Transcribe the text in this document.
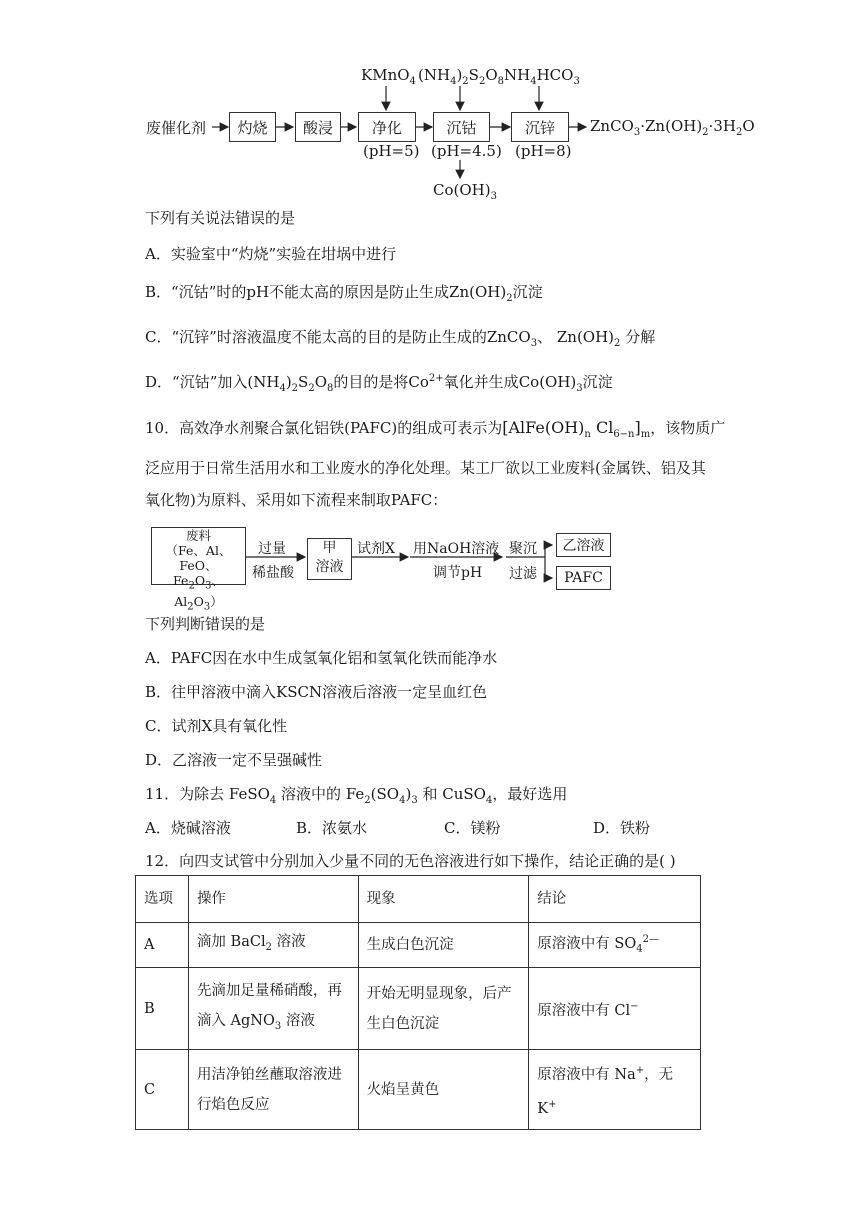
废催化剂 灼烧 酸浸	净化	沉钴	沉锌
KMnO$_4$ $(NH_4)_2S_2O_8$ $NH_4HCO_3$
(pH=5) (pH=4.5) (pH=8)
$Co(OH)_3$
$ZnCO_3\cdot Zn(OH)_2\cdot 3H_2O$
下列有关说法错误的是
A．实验室中“灼烧”实验在坩埚中进行
B．“沉钴”时的pH不能太高的原因是防止生成$Zn(OH)_2$沉淀
C．“沉锌”时溶液温度不能太高的目的是防止生成的ZnCO$_3$、 $Zn(OH)_2$ 分解
D．“沉钴”加入$(NH_4)_2S_2O_8$的目的是将$Co^{2+}$氧化并生成$Co(OH)_3$沉淀
10．高效净水剂聚合氯化铝铁(PAFC)的组成可表示为[$AlFe(OH)_n$ $Cl_{6-n}]_m$，该物质广
泛应用于日常生活用水和工业废水的净化处理。某工厂欲以工业废料(金属铁、铝及其
氧化物)为原料、采用如下流程来制取PAFC：
废料
（Fe、Al、FeO、
$Fe_2O_3$、$Al_2O_3$）
过量
稀盐酸
甲
溶液
试剂X 用NaOH溶液
调节pH
聚沉
过滤
乙溶液
PAFC
下列判断错误的是
A．PAFC因在水中生成氢氧化铝和氢氧化铁而能净水
B．往甲溶液中滴入KSCN溶液后溶液一定呈血红色
C．试剂X具有氧化性
D．乙溶液一定不呈强碱性
11．为除去 FeSO$_4$ 溶液中的 $Fe_2(SO_4)_3$ 和 CuSO$_4$，最好选用
A．烧碱溶液	B．浓氨水	C．镁粉	D．铁粉
12．向四支试管中分别加入少量不同的无色溶液进行如下操作，结论正确的是( )
选项	操作	现象	结论
A	滴加 BaCl$_2$ 溶液	生成白色沉淀	原溶液中有 $SO_4^{2—}$
B	先滴加足量稀硝酸，再
滴入 AgNO$_3$ 溶液	开始无明显现象，后产
生白色沉淀	原溶液中有 Cl−
C	用洁净铂丝蘸取溶液进
行焰色反应	火焰呈黄色	原溶液中有 Na+，无 K+
